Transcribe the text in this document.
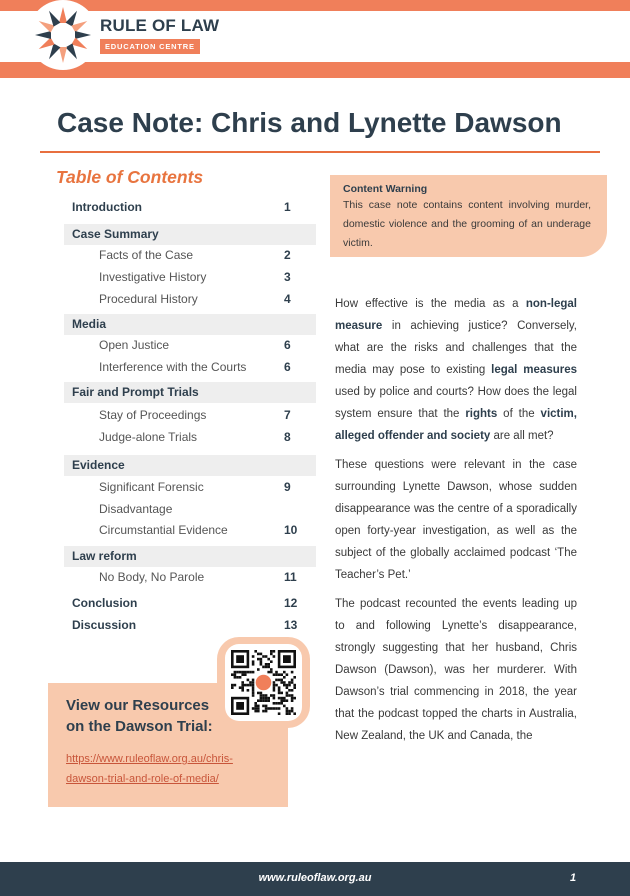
RULE OF LAW
EDUCATION CENTRE
Case Note: Chris and Lynette Dawson
Table of Contents
Introduction	1
Case Summary
Facts of the Case	2
Investigative History	3
Procedural History	4
Media
Open Justice	6
Interference with the Courts	6
Fair and Prompt Trials
Stay of Proceedings	7
Judge-alone Trials	8
Evidence
Significant Forensic	9
Disadvantage
Circumstantial Evidence	10
Law reform
No Body, No Parole	11
Conclusion	12
Discussion	13
Content Warning
This case note contains content involving murder, domestic violence and the grooming of an underage victim.

How effective is the media as a non-legal measure in achieving justice? Conversely, what are the risks and challenges that the media may pose to existing legal measures used by police and courts? How does the legal system ensure that the rights of the victim, alleged offender and society are all met?

These questions were relevant in the case surrounding Lynette Dawson, whose sudden disappearance was the centre of a sporadically open forty-year investigation, as well as the subject of the globally acclaimed podcast ‘The Teacher’s Pet.’

The podcast recounted the events leading up to and following Lynette’s disappearance, strongly suggesting that her husband, Chris Dawson (Dawson), was her murderer. With Dawson’s trial commencing in 2018, the year that the podcast topped the charts in Australia, New Zealand, the UK and Canada, the

View our Resources
on the Dawson Trial:
https://www.ruleoflaw.org.au/chris-
dawson-trial-and-role-of-media/
www.ruleoflaw.org.au	1
